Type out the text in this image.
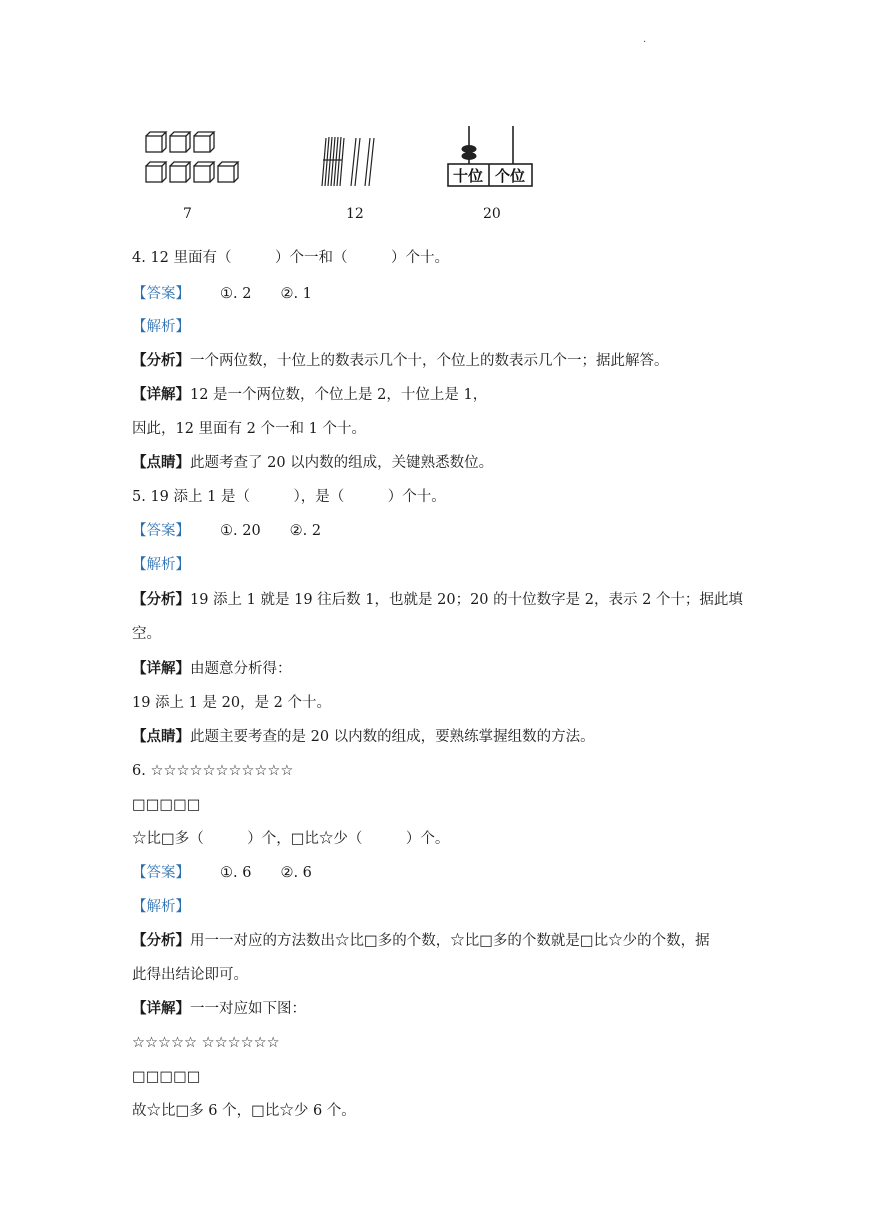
.
十位 个位
7	12	20
4. 12 里面有（　　　）个一和（　　　）个十。
【答案】 ①. 2　　②. 1
【解析】
【分析】一个两位数，十位上的数表示几个十，个位上的数表示几个一；据此解答。
【详解】12 是一个两位数，个位上是 2，十位上是 1，
因此，12 里面有 2 个一和 1 个十。
【点睛】此题考查了 20 以内数的组成，关键熟悉数位。
5. 19 添上 1 是（　　　），是（　　　）个十。
【答案】 ①. 20　　②. 2
【解析】
【分析】19 添上 1 就是 19 往后数 1，也就是 20；20 的十位数字是 2，表示 2 个十；据此填
空。
【详解】由题意分析得：
19 添上 1 是 20，是 2 个十。
【点睛】此题主要考查的是 20 以内数的组成，要熟练掌握组数的方法。
6. ☆☆☆☆☆☆☆☆☆☆☆
□□□□□
☆比□多（　　　）个，□比☆少（　　　）个。
【答案】 ①. 6　　②. 6
【解析】
【分析】用一一对应的方法数出☆比□多的个数，☆比□多的个数就是□比☆少的个数，据
此得出结论即可。
【详解】一一对应如下图：
☆☆☆☆☆ ☆☆☆☆☆☆
□□□□□
故☆比□多 6 个，□比☆少 6 个。
